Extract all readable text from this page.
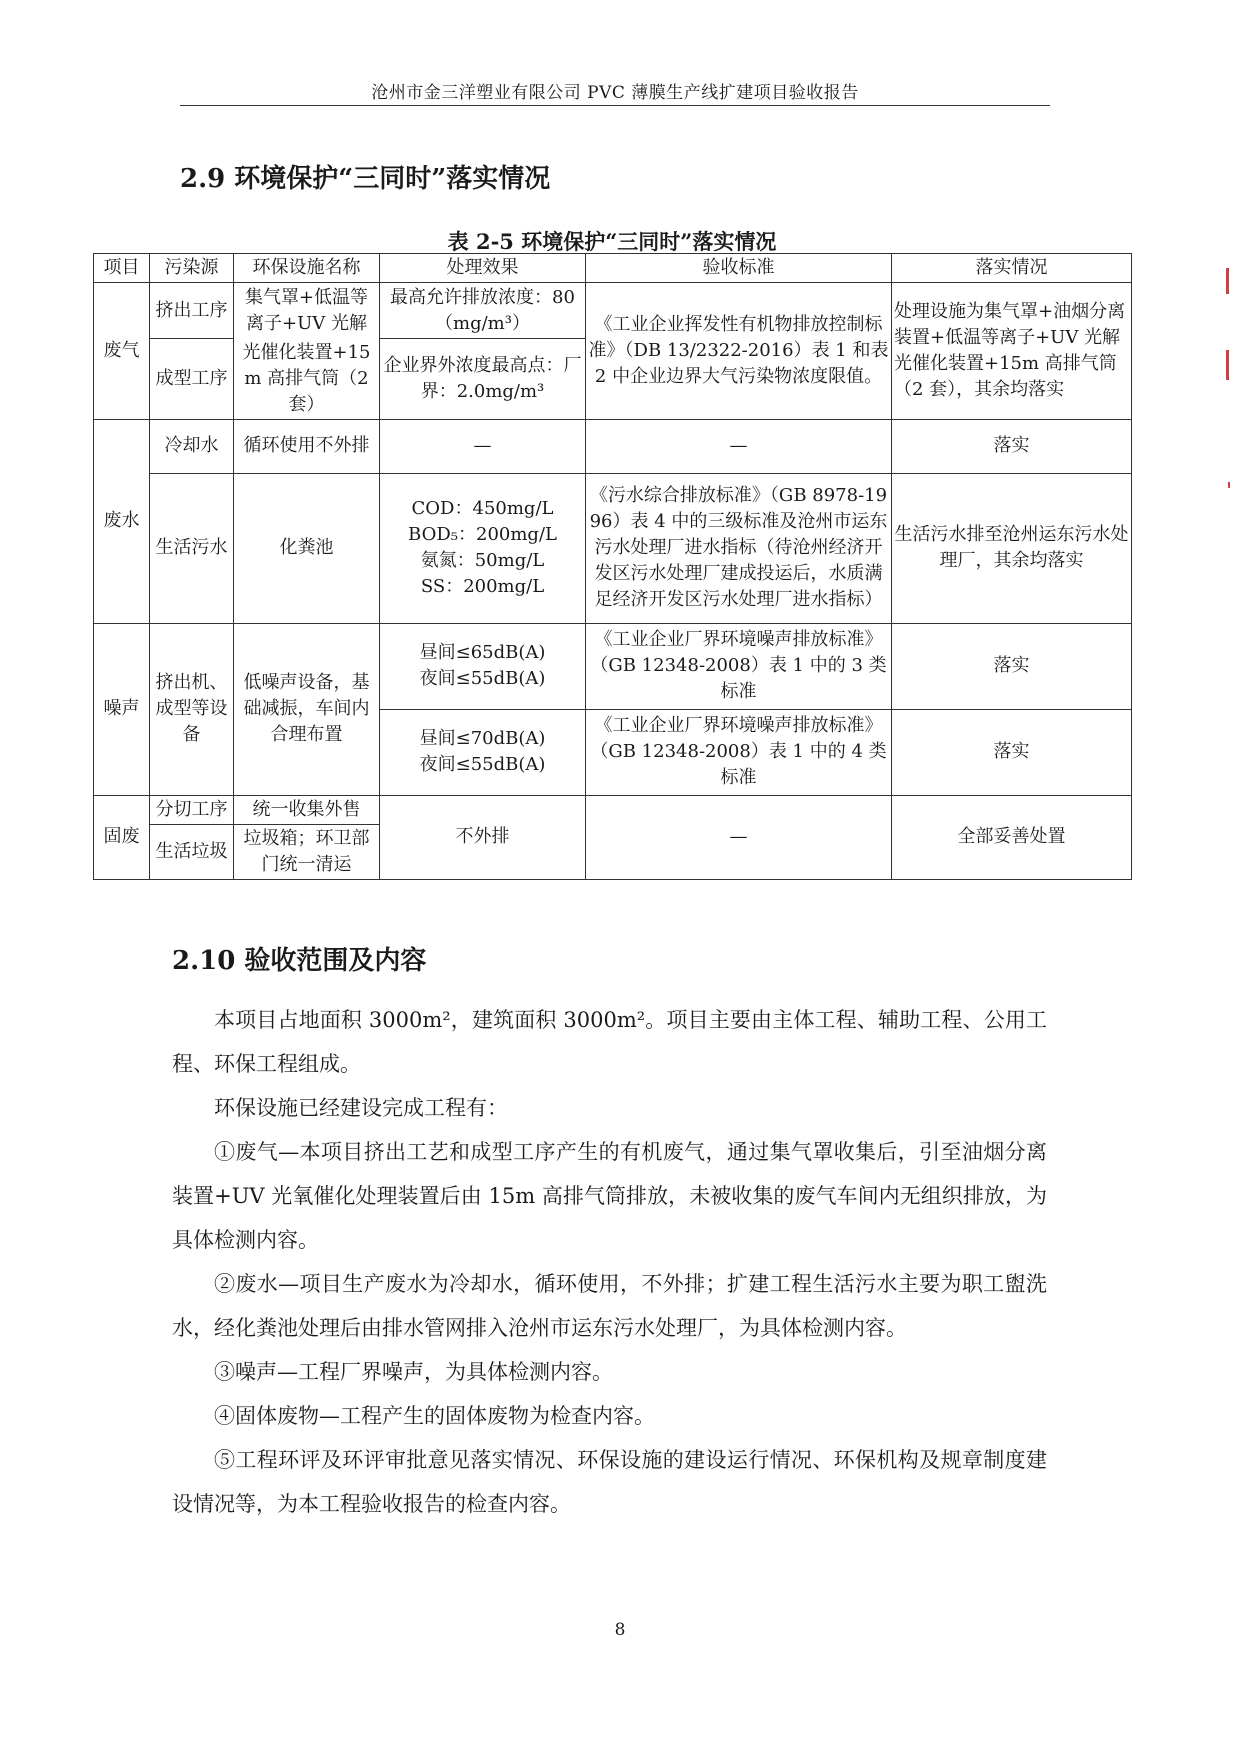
沧州市金三洋塑业有限公司 PVC 薄膜生产线扩建项目验收报告
2.9 环境保护“三同时”落实情况
表 2-5 环境保护“三同时”落实情况
项目	污染源	环保设施名称	处理效果	验收标准	落实情况
废气	挤出工序	集气罩+低温等离子+UV 光解	最高允许排放浓度：80（mg/m³）	《工业企业挥发性有机物排放控制标准》（DB 13/2322-2016）表 1 和表 2 中企业边界大气污染物浓度限值。	处理设施为集气罩+油烟分离装置+低温等离子+UV 光解光催化装置+15m 高排气筒（2 套），其余均落实
	成型工序	光催化装置+15m 高排气筒（2 套）	企业界外浓度最高点：厂界：2.0mg/m³		
废水	冷却水	循环使用不外排	—	—	落实
	生活污水	化粪池	COD：450mg/L
BOD₅：200mg/L
氨氮：50mg/L
SS：200mg/L	《污水综合排放标准》（GB 8978-1996）表 4 中的三级标准及沧州市运东污水处理厂进水指标（待沧州经济开发区污水处理厂建成投运后，水质满足经济开发区污水处理厂进水指标）	生活污水排至沧州运东污水处理厂，其余均落实
噪声	挤出机、成型等设备	低噪声设备，基础减振，车间内合理布置	昼间≤65dB(A)
夜间≤55dB(A)	《工业企业厂界环境噪声排放标准》（GB 12348-2008）表 1 中的 3 类标准	落实

			昼间≤70dB(A)
夜间≤55dB(A)	《工业企业厂界环境噪声排放标准》（GB 12348-2008）表 1 中的 4 类标准	落实
固废	分切工序	统一收集外售	不外排	—	全部妥善处置
	生活垃圾	垃圾箱；环卫部门统一清运			
2.10 验收范围及内容

本项目占地面积 3000m²，建筑面积 3000m²。项目主要由主体工程、辅助工程、公用工程、环保工程组成。

环保设施已经建设完成工程有：

①废气—本项目挤出工艺和成型工序产生的有机废气，通过集气罩收集后，引至油烟分离装置+UV 光氧催化处理装置后由 15m 高排气筒排放，未被收集的废气车间内无组织排放，为具体检测内容。

②废水—项目生产废水为冷却水，循环使用，不外排；扩建工程生活污水主要为职工盥洗水，经化粪池处理后由排水管网排入沧州市运东污水处理厂，为具体检测内容。

③噪声—工程厂界噪声，为具体检测内容。

④固体废物—工程产生的固体废物为检查内容。

⑤工程环评及环评审批意见落实情况、环保设施的建设运行情况、环保机构及规章制度建设情况等，为本工程验收报告的检查内容。

8
